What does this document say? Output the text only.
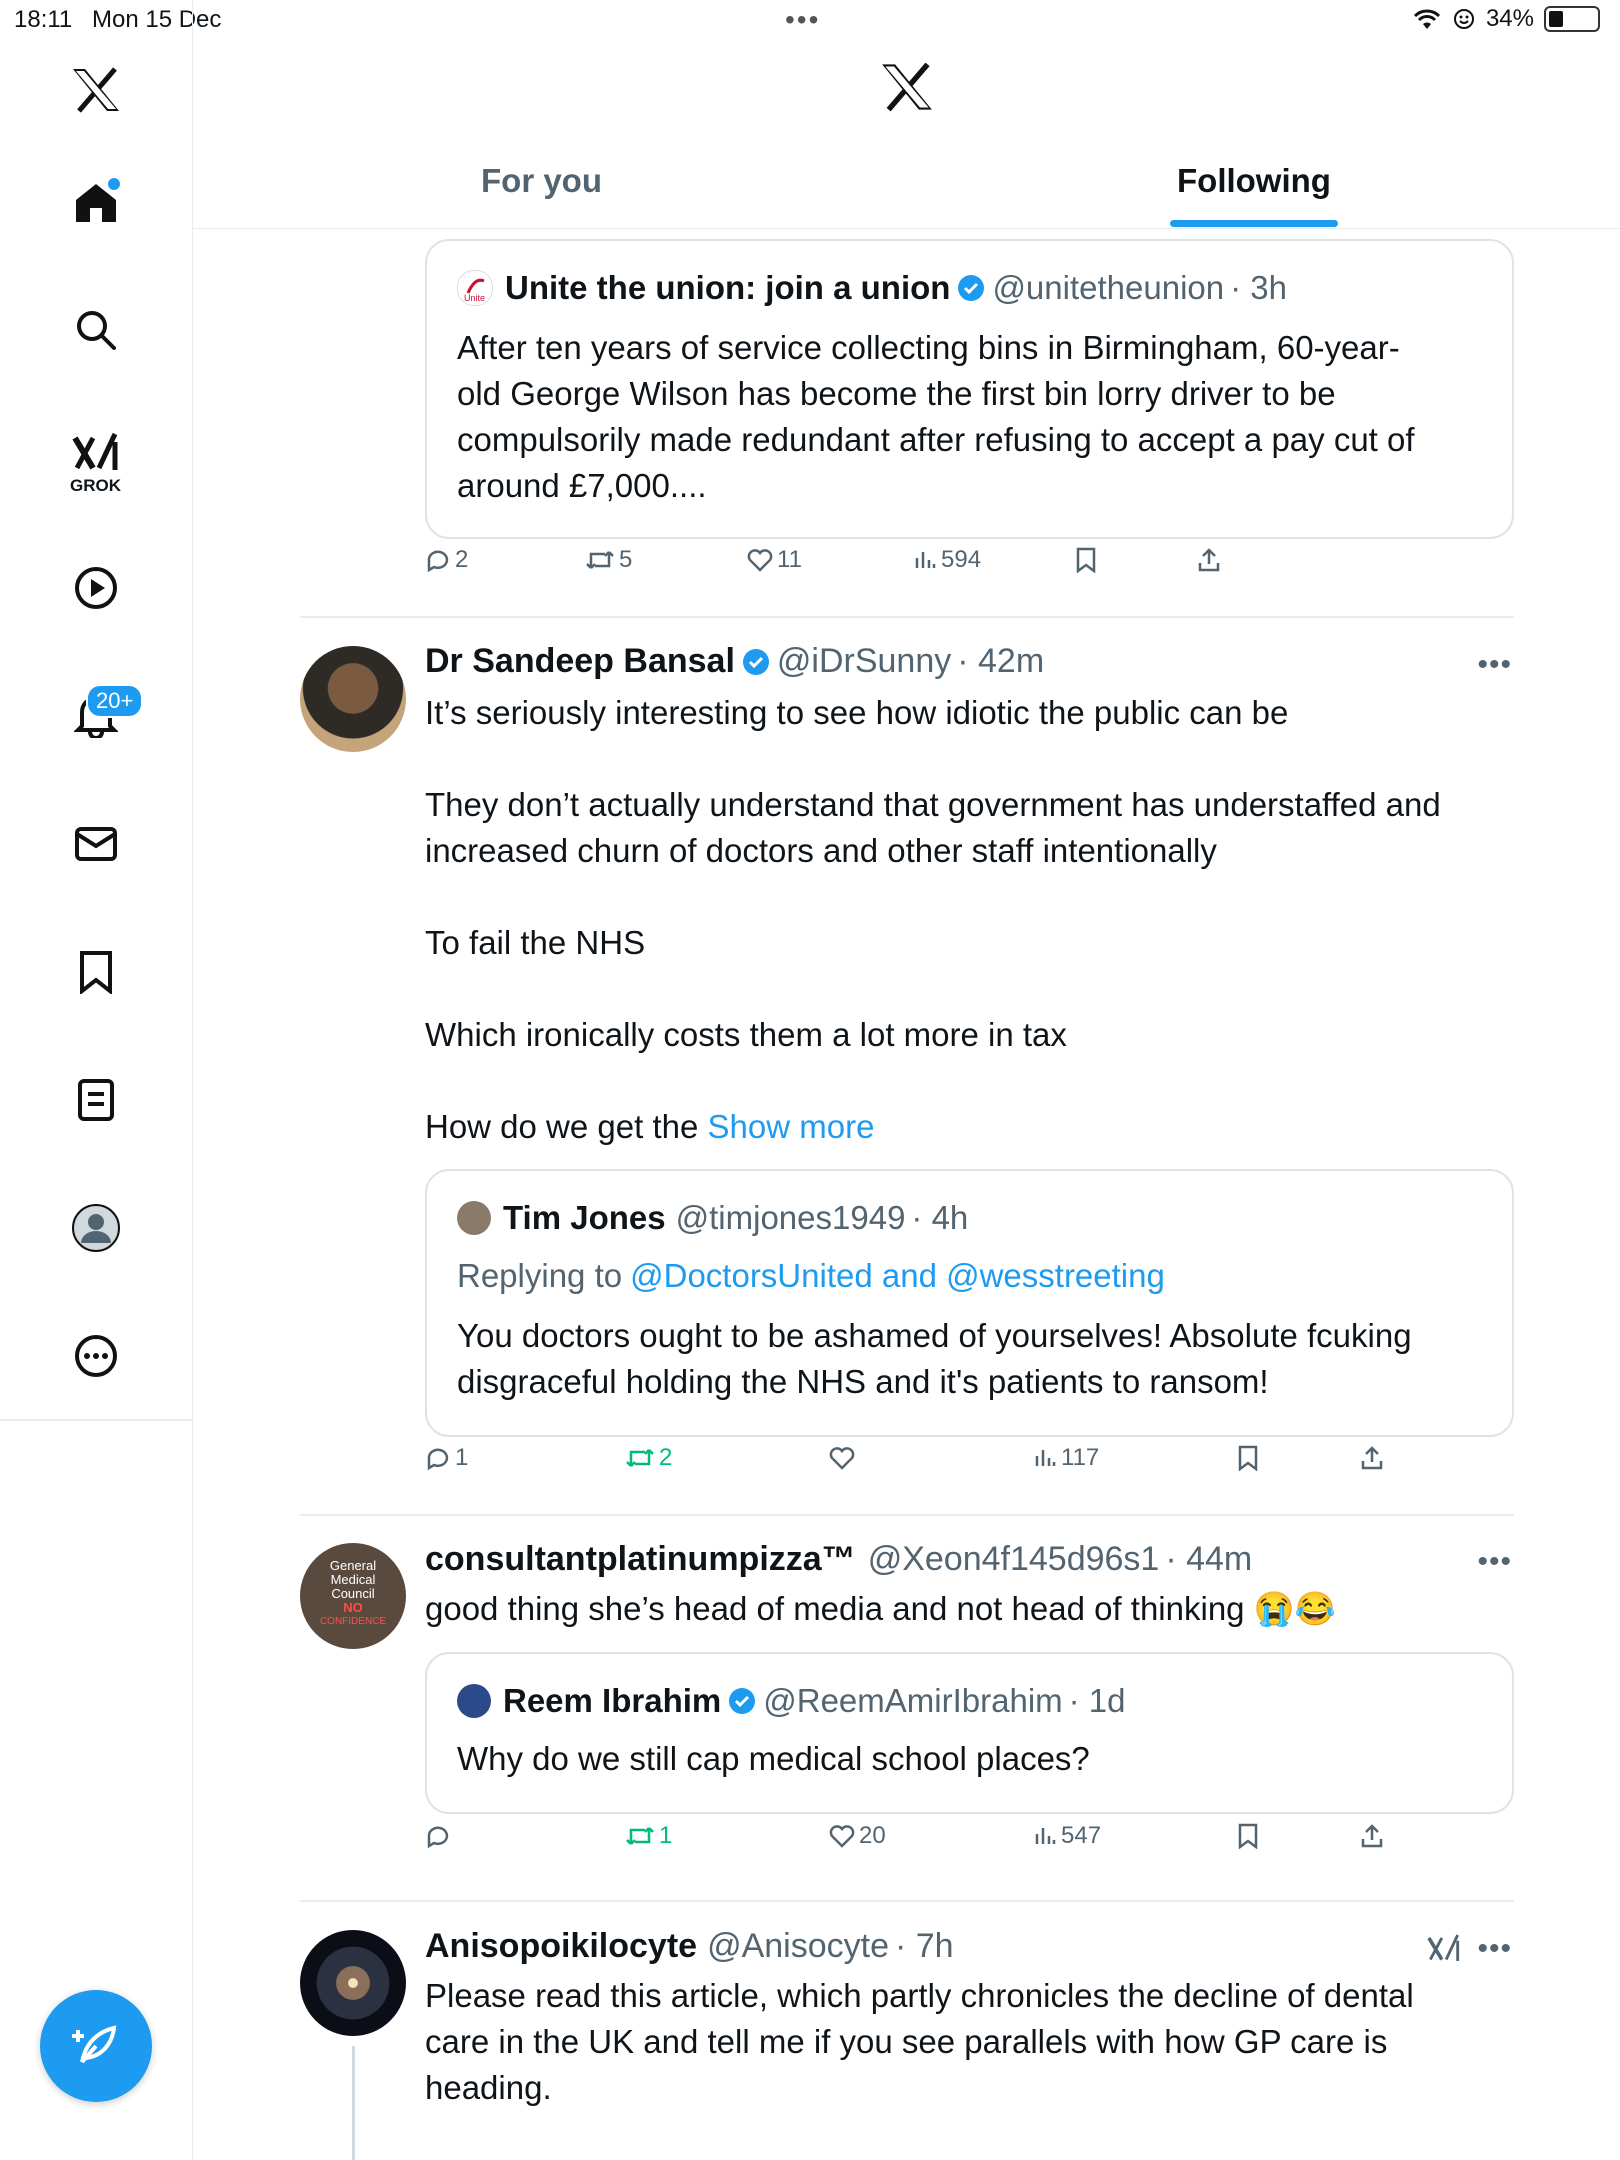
18:11 Mon 15 Dec	•••	34%
GROK
20+
For you	Following
Unite Unite the union: join a union @unitetheunion · 3h
After ten years of service collecting bins in Birmingham, 60-year-
old George Wilson has become the first bin lorry driver to be
compulsorily made redundant after refusing to accept a pay cut of
around £7,000....
2	5	11	594
Dr Sandeep Bansal @iDrSunny · 42m	•••
It’s seriously interesting to see how idiotic the public can be
They don’t actually understand that government has understaffed and
increased churn of doctors and other staff intentionally
To fail the NHS
Which ironically costs them a lot more in tax
How do we get the Show more
Tim Jones @timjones1949 · 4h
Replying to @DoctorsUnited and @wesstreeting
You doctors ought to be ashamed of yourselves! Absolute fcuking
disgraceful holding the NHS and it's patients to ransom!
1	2	117
General
Medical
Council
NO
CONFIDENCE
consultantplatinumpizza™ @Xeon4f145d96s1 · 44m	•••
good thing she’s head of media and not head of thinking 😭😂
Reem Ibrahim @ReemAmirIbrahim · 1d
Why do we still cap medical school places?
1	20	547
Anisopoikilocyte @Anisocyte · 7h	•••
Please read this article, which partly chronicles the decline of dental
care in the UK and tell me if you see parallels with how GP care is
heading.
